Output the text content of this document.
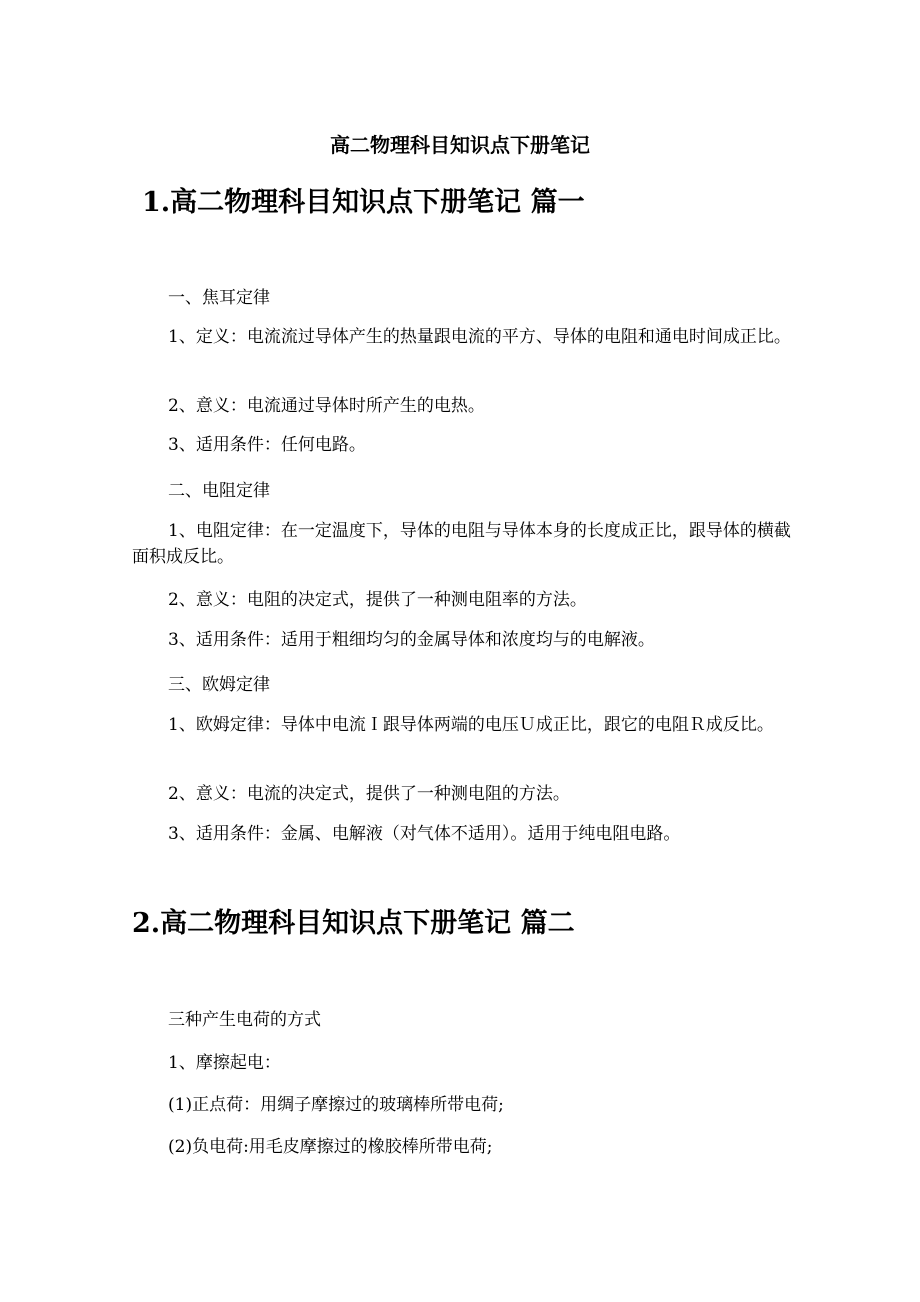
高二物理科目知识点下册笔记
1.高二物理科目知识点下册笔记 篇一

一、焦耳定律

1、定义：电流流过导体产生的热量跟电流的平方、导体的电阻和通电时间成正比。

2、意义：电流通过导体时所产生的电热。

3、适用条件：任何电路。

二、电阻定律

1、电阻定律：在一定温度下，导体的电阻与导体本身的长度成正比，跟导体的横截面积成反比。

2、意义：电阻的决定式，提供了一种测电阻率的方法。

3、适用条件：适用于粗细均匀的金属导体和浓度均与的电解液。

三、欧姆定律

1、欧姆定律：导体中电流Ｉ跟导体两端的电压Ｕ成正比，跟它的电阻Ｒ成反比。

2、意义：电流的决定式，提供了一种测电阻的方法。

3、适用条件：金属、电解液（对气体不适用）。适用于纯电阻电路。

2.高二物理科目知识点下册笔记 篇二

三种产生电荷的方式

1、摩擦起电：

(1)正点荷：用绸子摩擦过的玻璃棒所带电荷;

(2)负电荷:用毛皮摩擦过的橡胶棒所带电荷;
